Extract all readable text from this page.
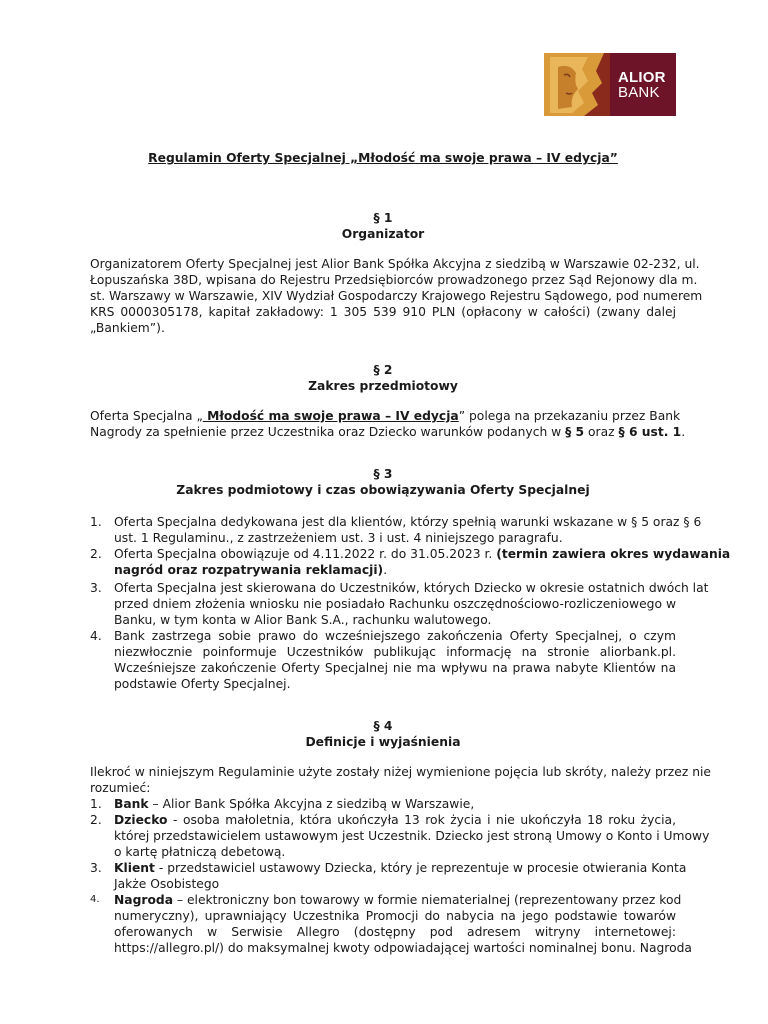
ALIOR
BANK
Regulamin Oferty Specjalnej „Młodość ma swoje prawa – IV edycja”
§ 1
Organizator
Organizatorem Oferty Specjalnej jest Alior Bank Spółka Akcyjna z siedzibą w Warszawie 02-232, ul.
Łopuszańska 38D, wpisana do Rejestru Przedsiębiorców prowadzonego przez Sąd Rejonowy dla m.
st. Warszawy w Warszawie, XIV Wydział Gospodarczy Krajowego Rejestru Sądowego, pod numerem
KRS 0000305178, kapitał zakładowy: 1 305 539 910 PLN (opłacony w całości) (zwany dalej
„Bankiem”).
§ 2
Zakres przedmiotowy
Oferta Specjalna „ Młodość ma swoje prawa – IV edycja” polega na przekazaniu przez Bank
Nagrody za spełnienie przez Uczestnika oraz Dziecko warunków podanych w § 5 oraz § 6 ust. 1.
§ 3
Zakres podmiotowy i czas obowiązywania Oferty Specjalnej
1. Oferta Specjalna dedykowana jest dla klientów, którzy spełnią warunki wskazane w § 5 oraz § 6
ust. 1 Regulaminu., z zastrzeżeniem ust. 3 i ust. 4 niniejszego paragrafu.
2. Oferta Specjalna obowiązuje od 4.11.2022 r. do 31.05.2023 r. (termin zawiera okres wydawania
nagród oraz rozpatrywania reklamacji).
3. Oferta Specjalna jest skierowana do Uczestników, których Dziecko w okresie ostatnich dwóch lat
przed dniem złożenia wniosku nie posiadało Rachunku oszczędnościowo-rozliczeniowego w
Banku, w tym konta w Alior Bank S.A., rachunku walutowego.
4. Bank zastrzega sobie prawo do wcześniejszego zakończenia Oferty Specjalnej, o czym
niezwłocznie poinformuje Uczestników publikując informację na stronie aliorbank.pl.
Wcześniejsze zakończenie Oferty Specjalnej nie ma wpływu na prawa nabyte Klientów na
podstawie Oferty Specjalnej.
§ 4
Definicje i wyjaśnienia
Ilekroć w niniejszym Regulaminie użyte zostały niżej wymienione pojęcia lub skróty, należy przez nie
rozumieć:
1. Bank – Alior Bank Spółka Akcyjna z siedzibą w Warszawie,
2. Dziecko - osoba małoletnia, która ukończyła 13 rok życia i nie ukończyła 18 roku życia,
której przedstawicielem ustawowym jest Uczestnik. Dziecko jest stroną Umowy o Konto i Umowy
o kartę płatniczą debetową.
3. Klient - przedstawiciel ustawowy Dziecka, który je reprezentuje w procesie otwierania Konta
Jakże Osobistego
4.	Nagroda – elektroniczny bon towarowy w formie niematerialnej (reprezentowany przez kod
numeryczny), uprawniający Uczestnika Promocji do nabycia na jego podstawie towarów
oferowanych w Serwisie Allegro (dostępny pod adresem witryny internetowej:
https://allegro.pl/) do maksymalnej kwoty odpowiadającej wartości nominalnej bonu. Nagroda
